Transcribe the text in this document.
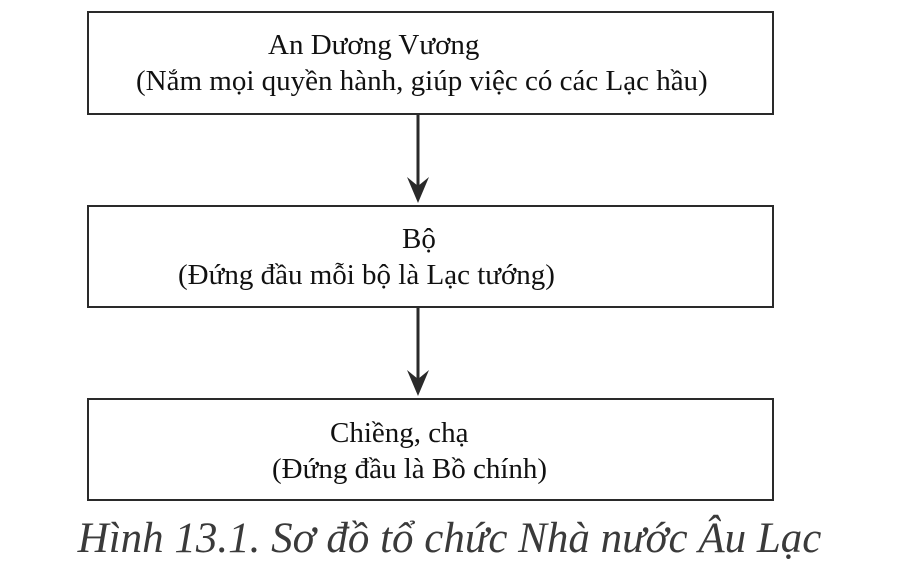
An Dương Vương
(Nắm mọi quyền hành, giúp việc có các Lạc hầu)
Bộ
(Đứng đầu mỗi bộ là Lạc tướng)
Chiềng, chạ
(Đứng đầu là Bồ chính)
Hình 13.1. Sơ đồ tổ chức Nhà nước Âu Lạc
